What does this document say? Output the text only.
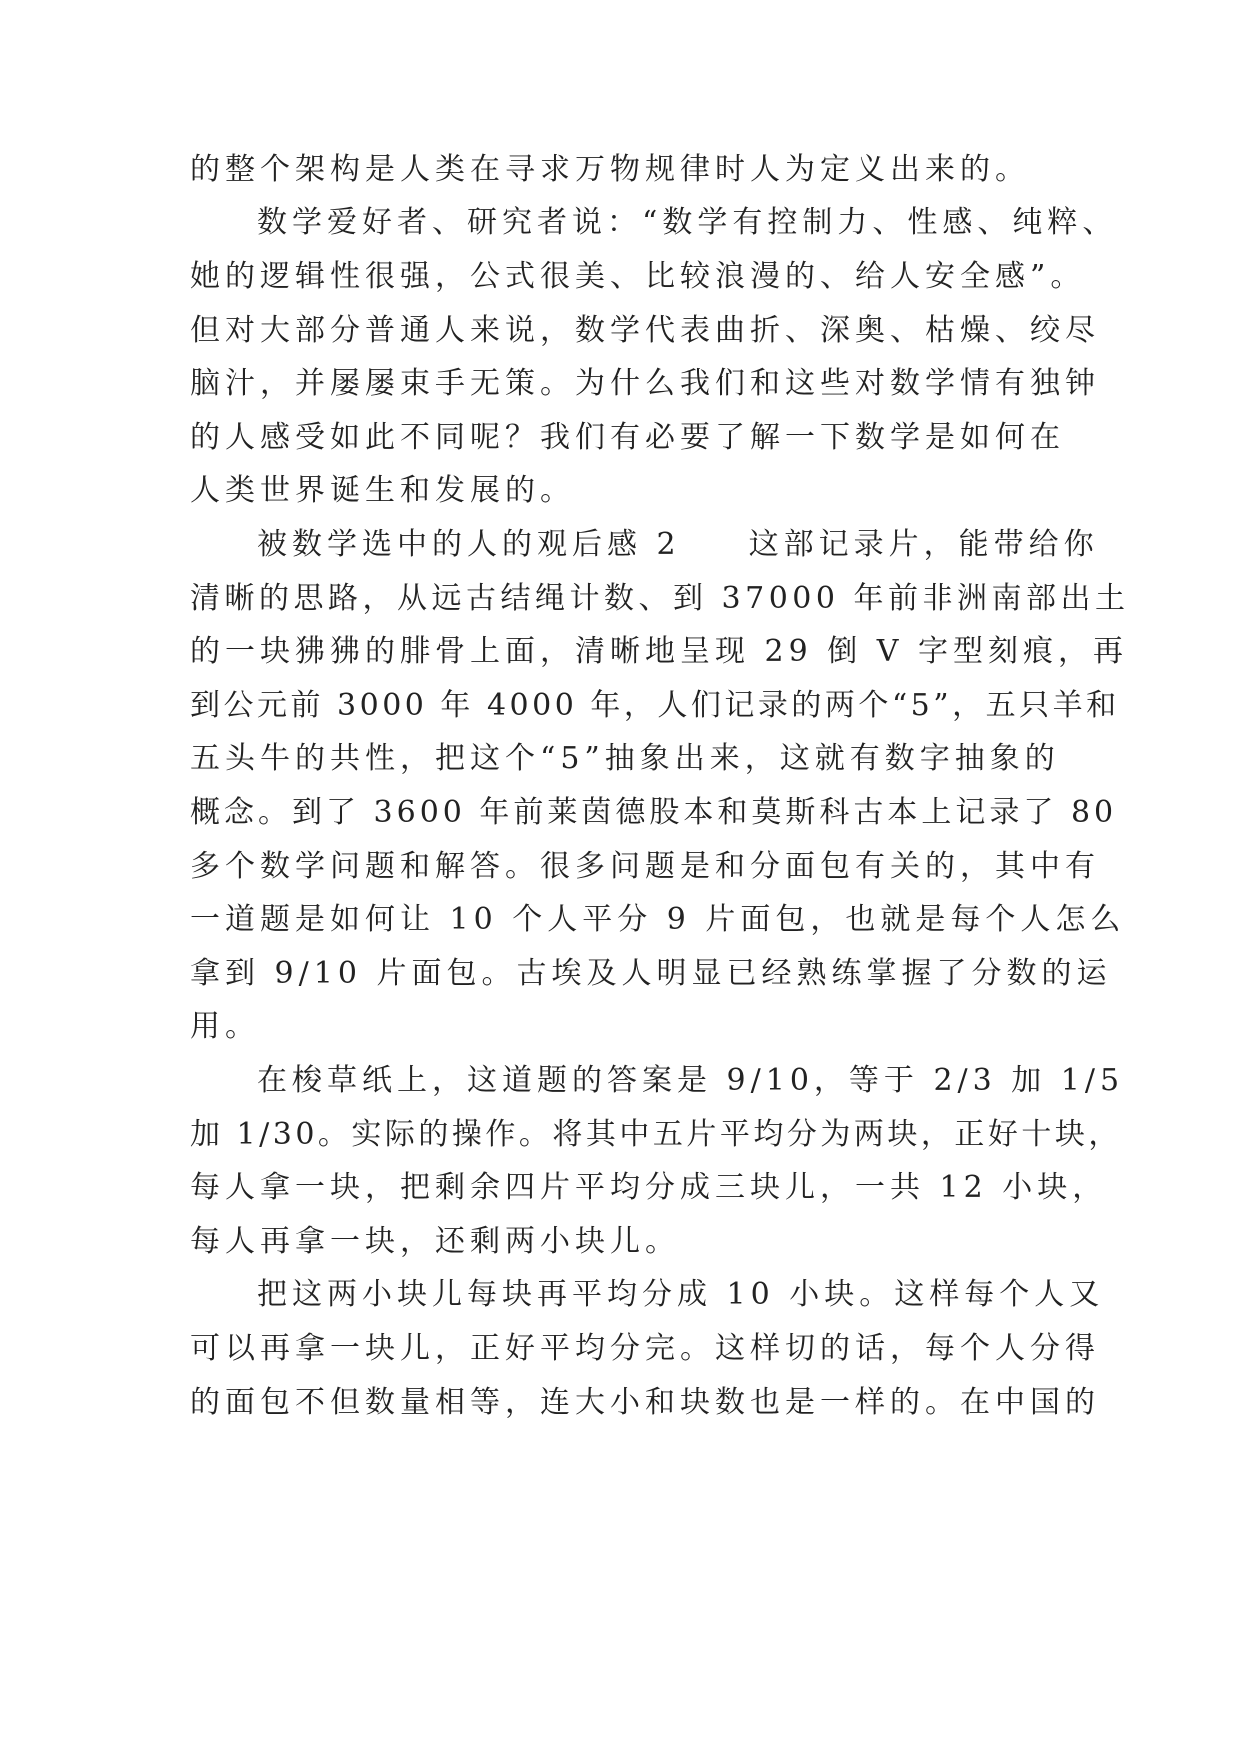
的整个架构是人类在寻求万物规律时人为定义出来的。
数学爱好者、研究者说：“数学有控制力、性感、纯粹、
她的逻辑性很强，公式很美、比较浪漫的、给人安全感”。
但对大部分普通人来说，数学代表曲折、深奥、枯燥、绞尽
脑汁，并屡屡束手无策。为什么我们和这些对数学情有独钟
的人感受如此不同呢？我们有必要了解一下数学是如何在
人类世界诞生和发展的。
被数学选中的人的观后感 2 这部记录片，能带给你
清晰的思路，从远古结绳计数、到 37000 年前非洲南部出土
的一块狒狒的腓骨上面，清晰地呈现 29 倒 V 字型刻痕，再
到公元前 3000 年 4000 年，人们记录的两个“5”，五只羊和
五头牛的共性，把这个“5”抽象出来，这就有数字抽象的
概念。到了 3600 年前莱茵德股本和莫斯科古本上记录了 80
多个数学问题和解答。很多问题是和分面包有关的，其中有
一道题是如何让 10 个人平分 9 片面包，也就是每个人怎么
拿到 9/10 片面包。古埃及人明显已经熟练掌握了分数的运
用。
在梭草纸上，这道题的答案是 9/10，等于 2/3 加 1/5
加 1/30。实际的操作。将其中五片平均分为两块，正好十块，
每人拿一块，把剩余四片平均分成三块儿，一共 12 小块，
每人再拿一块，还剩两小块儿。
把这两小块儿每块再平均分成 10 小块。这样每个人又
可以再拿一块儿，正好平均分完。这样切的话，每个人分得
的面包不但数量相等，连大小和块数也是一样的。在中国的
